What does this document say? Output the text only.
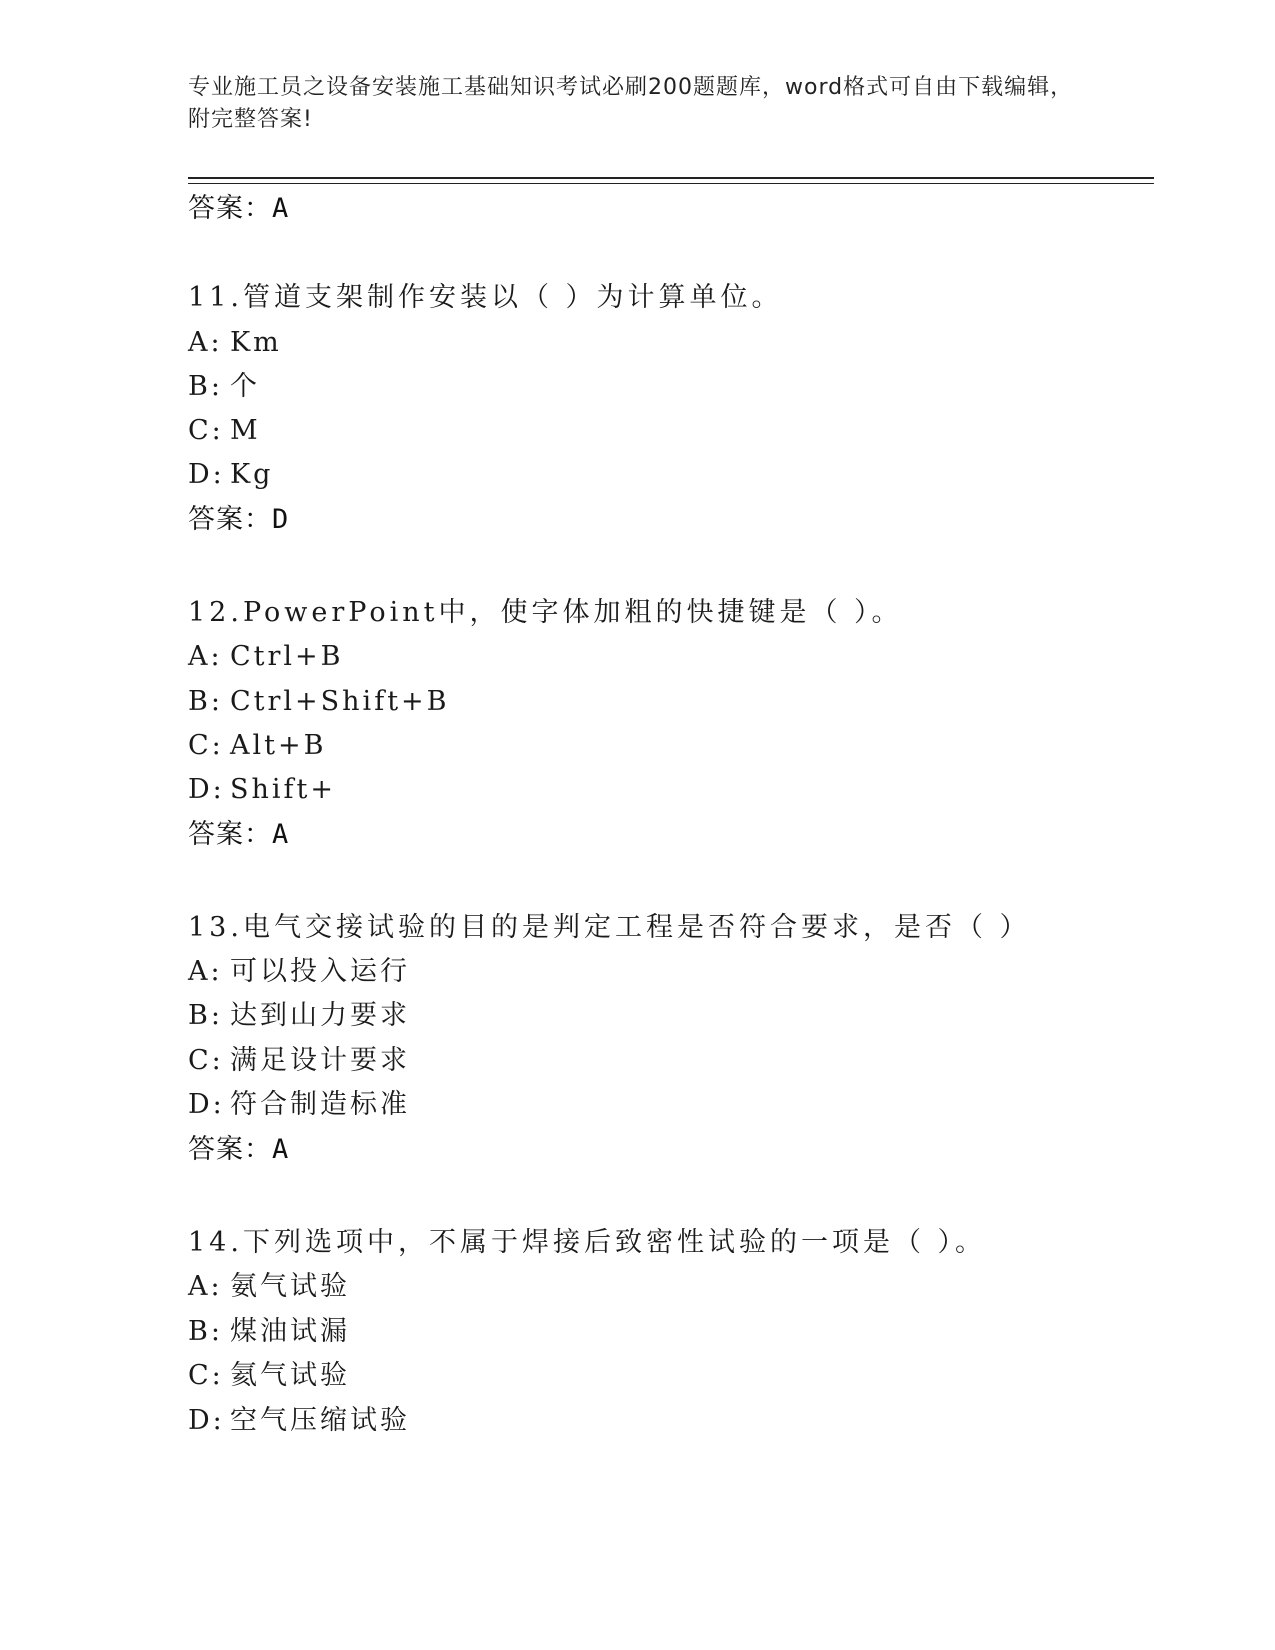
专业施工员之设备安装施工基础知识考试必刷200题题库，word格式可自由下载编辑，附完整答案!
答案：A
11.管道支架制作安装以（ ）为计算单位。
A: Km
B: 个
C: M
D: Kg
答案：D
12.PowerPoint中，使字体加粗的快捷键是（ ）。
A: Ctrl+B
B: Ctrl+Shift+B
C: Alt+B
D: Shift+
答案：A
13.电气交接试验的目的是判定工程是否符合要求，是否（ ）
A: 可以投入运行
B: 达到山力要求
C: 满足设计要求
D: 符合制造标准
答案：A
14.下列选项中，不属于焊接后致密性试验的一项是（ ）。
A: 氨气试验
B: 煤油试漏
C: 氦气试验
D: 空气压缩试验
